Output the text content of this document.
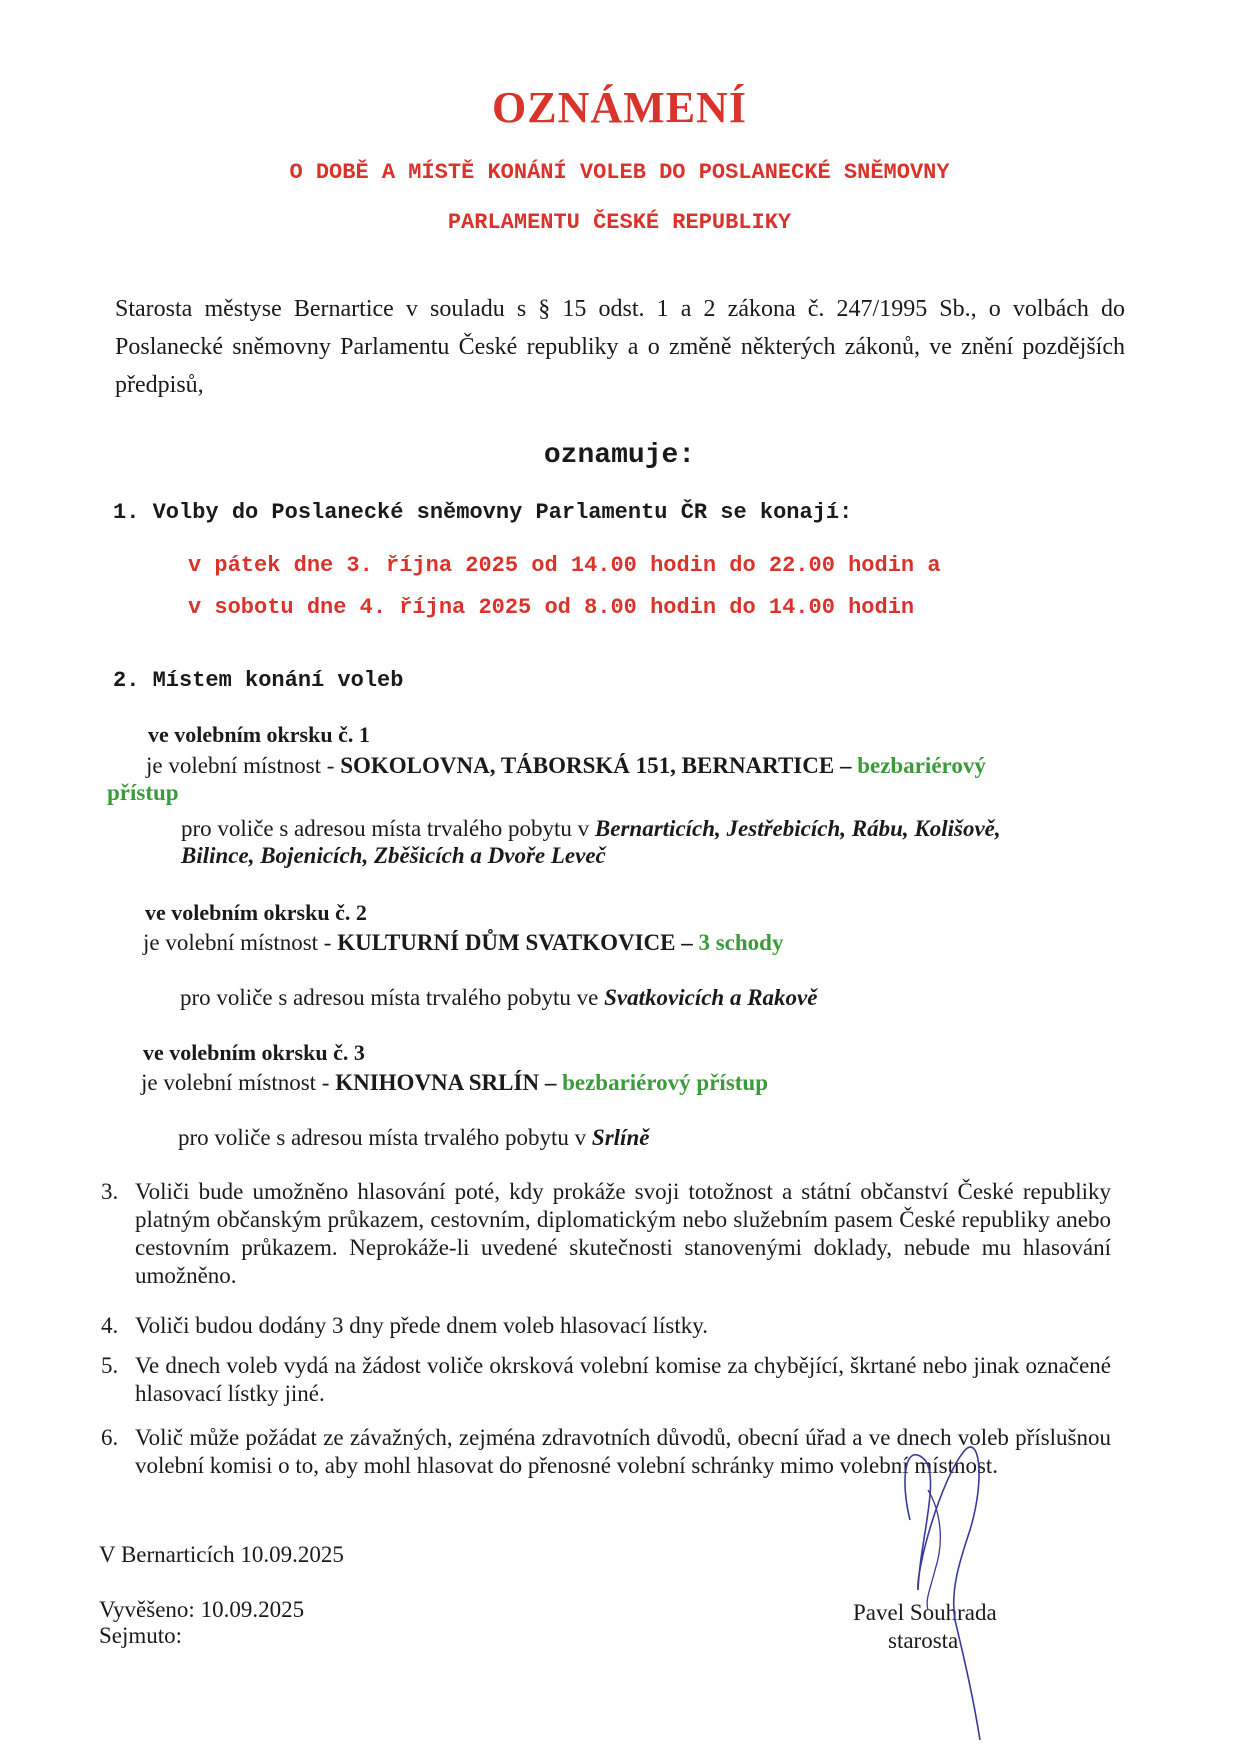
OZNÁMENÍ
O DOBĚ A MÍSTĚ KONÁNÍ VOLEB DO POSLANECKÉ SNĚMOVNY
PARLAMENTU ČESKÉ REPUBLIKY
Starosta městyse Bernartice v souladu s § 15 odst. 1 a 2 zákona č. 247/1995 Sb., o volbách do Poslanecké sněmovny Parlamentu České republiky a o změně některých zákonů, ve znění pozdějších předpisů,
oznamuje:
1. Volby do Poslanecké sněmovny Parlamentu ČR se konají:
v pátek dne 3. října 2025 od 14.00 hodin do 22.00 hodin a
v sobotu dne 4. října 2025 od 8.00 hodin do 14.00 hodin
2. Místem konání voleb
ve volebním okrsku č. 1
je volební místnost - SOKOLOVNA, TÁBORSKÁ 151, BERNARTICE – bezbariérový
přístup
pro voliče s adresou místa trvalého pobytu v Bernarticích, Jestřebicích, Rábu, Kolišově,
Bilince, Bojenicích, Zběšicích a Dvoře Leveč
ve volebním okrsku č. 2
je volební místnost - KULTURNÍ DŮM SVATKOVICE – 3 schody
pro voliče s adresou místa trvalého pobytu ve Svatkovicích a Rakově
ve volebním okrsku č. 3
je volební místnost - KNIHOVNA SRLÍN – bezbariérový přístup
pro voliče s adresou místa trvalého pobytu v Srlíně
3. Voliči bude umožněno hlasování poté, kdy prokáže svoji totožnost a státní občanství České republiky platným občanským průkazem, cestovním, diplomatickým nebo služebním pasem České republiky anebo cestovním průkazem. Neprokáže-li uvedené skutečnosti stanovenými doklady, nebude mu hlasování umožněno.
4. Voliči budou dodány 3 dny přede dnem voleb hlasovací lístky.
5. Ve dnech voleb vydá na žádost voliče okrsková volební komise za chybějící, škrtané nebo jinak označené hlasovací lístky jiné.
6. Volič může požádat ze závažných, zejména zdravotních důvodů, obecní úřad a ve dnech voleb příslušnou volební komisi o to, aby mohl hlasovat do přenosné volební schránky mimo volební místnost.
V Bernarticích 10.09.2025
Vyvěšeno: 10.09.2025
Sejmuto:
Pavel Souhrada
starosta
